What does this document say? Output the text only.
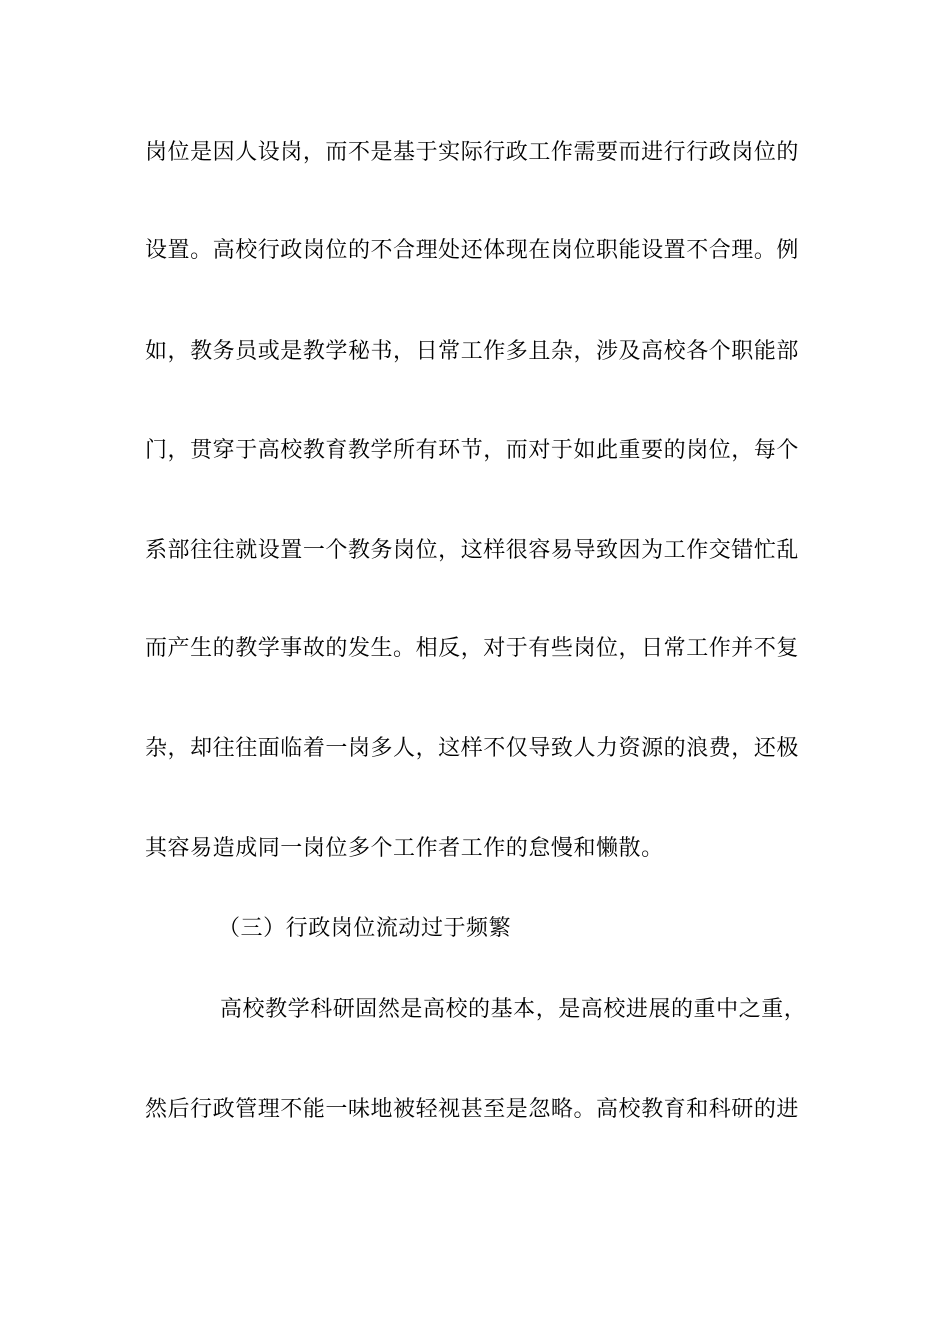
岗位是因人设岗，而不是基于实际行政工作需要而进行行政岗位的
设置。高校行政岗位的不合理处还体现在岗位职能设置不合理。例
如，教务员或是教学秘书，日常工作多且杂，涉及高校各个职能部
门，贯穿于高校教育教学所有环节，而对于如此重要的岗位，每个
系部往往就设置一个教务岗位，这样很容易导致因为工作交错忙乱
而产生的教学事故的发生。相反，对于有些岗位，日常工作并不复
杂，却往往面临着一岗多人，这样不仅导致人力资源的浪费，还极
其容易造成同一岗位多个工作者工作的怠慢和懒散。
（三）行政岗位流动过于频繁
高校教学科研固然是高校的基本，是高校进展的重中之重，
然后行政管理不能一味地被轻视甚至是忽略。高校教育和科研的进
